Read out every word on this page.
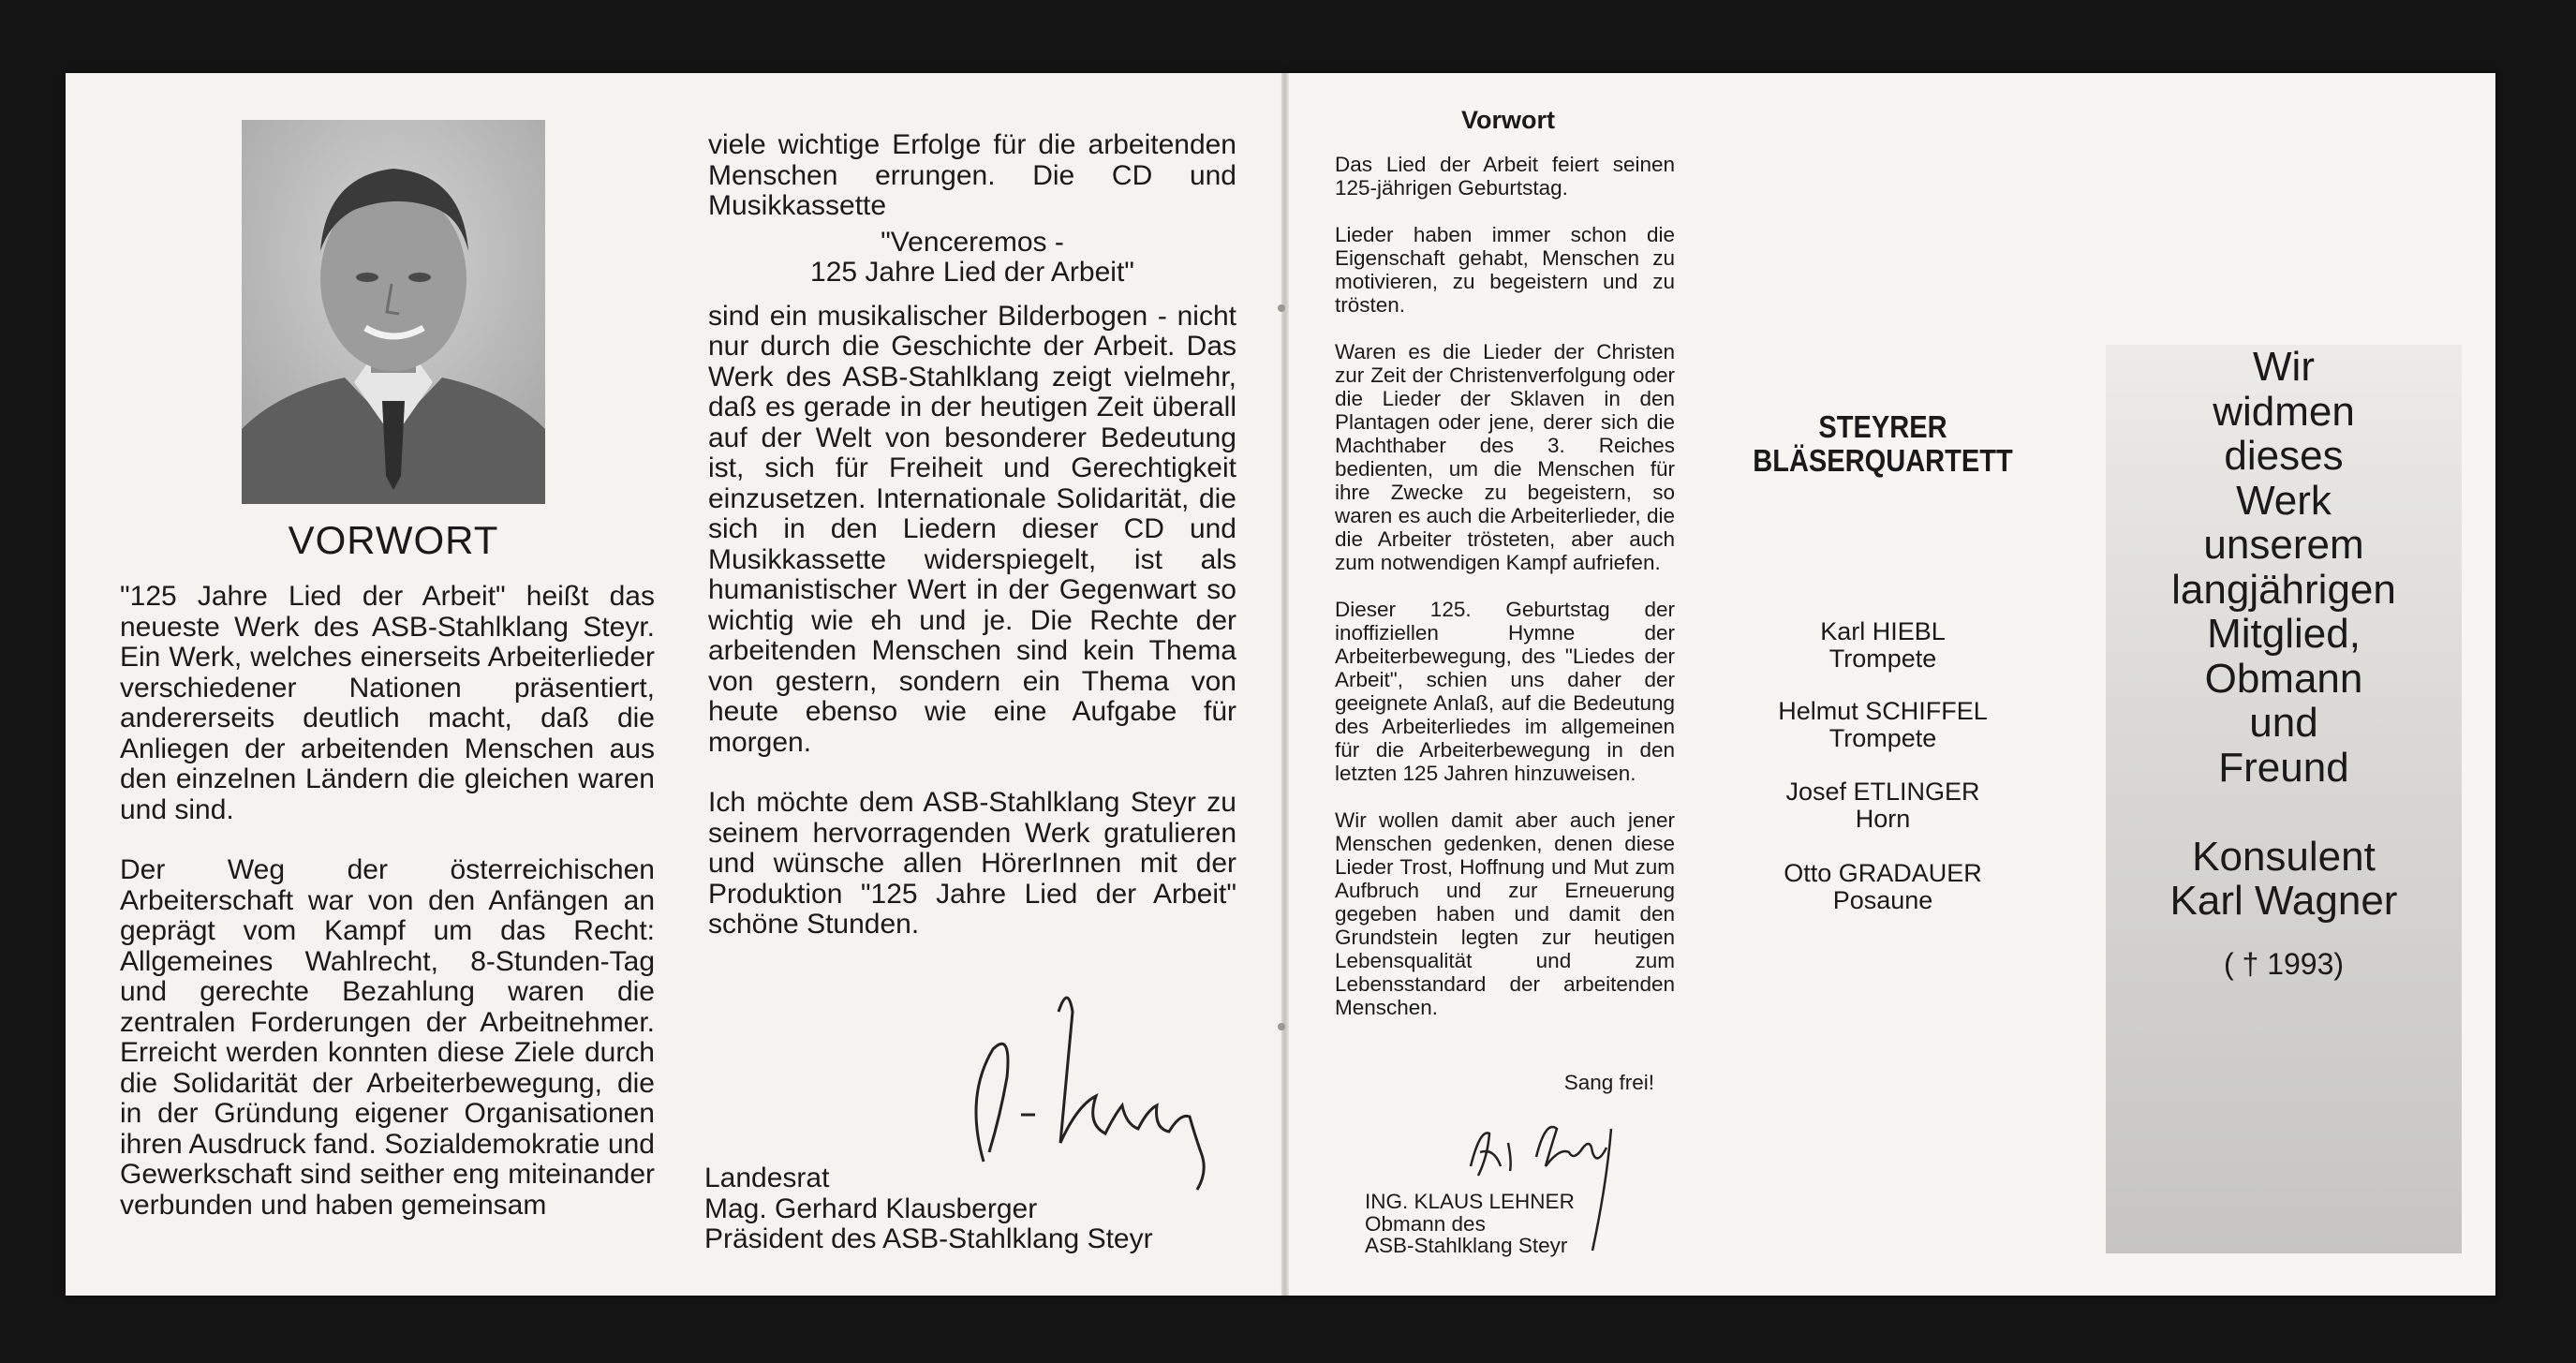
VORWORT

"125 Jahre Lied der Arbeit" heißt das neueste Werk des ASB-Stahlklang Steyr. Ein Werk, welches einerseits Arbeiterlieder verschiedener Nationen präsentiert, andererseits deutlich macht, daß die Anliegen der arbeitenden Menschen aus den einzelnen Ländern die gleichen waren und sind.

Der Weg der österreichischen Arbeiterschaft war von den Anfängen an geprägt vom Kampf um das Recht: Allgemeines Wahlrecht, 8-Stunden-Tag und gerechte Bezahlung waren die zentralen Forderungen der Arbeitnehmer. Erreicht werden konnten diese Ziele durch die Solidarität der Arbeiterbewegung, die in der Gründung eigener Organisationen ihren Ausdruck fand. Sozialdemokratie und Gewerkschaft sind seither eng miteinander verbunden und haben gemeinsam

viele wichtige Erfolge für die arbeitenden Menschen errungen. Die CD und Musikkassette
"Venceremos -
125 Jahre Lied der Arbeit"

sind ein musikalischer Bilderbogen - nicht nur durch die Geschichte der Arbeit. Das Werk des ASB-Stahlklang zeigt vielmehr, daß es gerade in der heutigen Zeit überall auf der Welt von besonderer Bedeutung ist, sich für Freiheit und Gerechtigkeit einzusetzen. Internationale Solidarität, die sich in den Liedern dieser CD und Musikkassette widerspiegelt, ist als humanistischer Wert in der Gegenwart so wichtig wie eh und je. Die Rechte der arbeitenden Menschen sind kein Thema von gestern, sondern ein Thema von heute ebenso wie eine Aufgabe für morgen.

Ich möchte dem ASB-Stahlklang Steyr zu seinem hervorragenden Werk gratulieren und wünsche allen HörerInnen mit der Produktion "125 Jahre Lied der Arbeit" schöne Stunden.

Landesrat
Mag. Gerhard Klausberger
Präsident des ASB-Stahlklang Steyr
Vorwort

Das Lied der Arbeit feiert seinen 125-jährigen Geburtstag.

Lieder haben immer schon die Eigenschaft gehabt, Menschen zu motivieren, zu begeistern und zu trösten.

Waren es die Lieder der Christen zur Zeit der Christenverfolgung oder die Lieder der Sklaven in den Plantagen oder jene, derer sich die Machthaber des 3. Reiches bedienten, um die Menschen für ihre Zwecke zu begeistern, so waren es auch die Arbeiterlieder, die die Arbeiter trösteten, aber auch zum notwendigen Kampf aufriefen.

Dieser 125. Geburtstag der inoffiziellen Hymne der Arbeiterbewegung, des "Liedes der Arbeit", schien uns daher der geeignete Anlaß, auf die Bedeutung des Arbeiterliedes im allgemeinen für die Arbeiterbewegung in den letzten 125 Jahren hinzuweisen.

Wir wollen damit aber auch jener Menschen gedenken, denen diese Lieder Trost, Hoffnung und Mut zum Aufbruch und zur Erneuerung gegeben haben und damit den Grundstein legten zur heutigen Lebensqualität und zum Lebensstandard der arbeitenden Menschen.

Sang frei!
ING. KLAUS LEHNER
Obmann des
ASB-Stahlklang Steyr
STEYRER
BLÄSERQUARTETT
Karl HIEBL
Trompete
Helmut SCHIFFEL
Trompete
Josef ETLINGER
Horn
Otto GRADAUER
Posaune
Wir
widmen
dieses
Werk
unserem
langjährigen
Mitglied,
Obmann
und
Freund
Konsulent
Karl Wagner
( † 1993)
